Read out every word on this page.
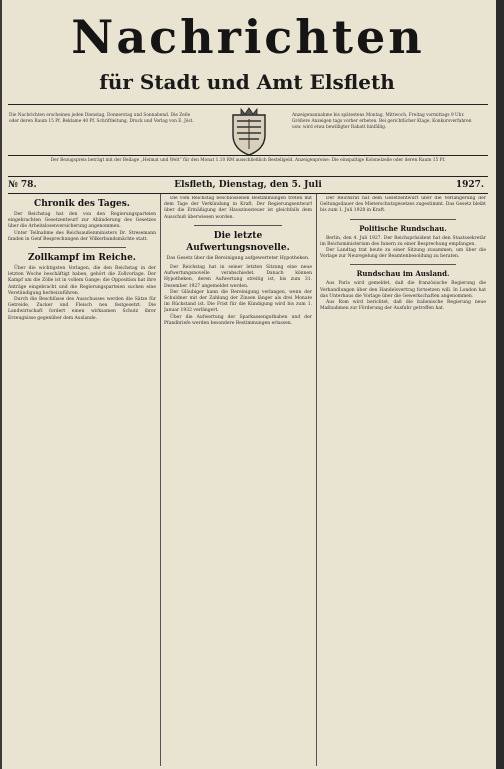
Nachrichten
für Stadt und Amt Elsfleth
Die Nachrichten erscheinen jeden Dienstag, Donnerstag und Sonnabend. Die Zeile oder deren Raum 15 Pf. Reklame 40 Pf. Schriftleitung, Druck und Verlag von E. Jöst.
Anzeigenannahme bis spätestens Montag, Mittwoch, Freitag vormittags 9 Uhr. Größere Anzeigen tags vorher erbeten. Bei gerichtlicher Klage, Konkursverfahren usw. wird etwa bewilligter Rabatt hinfällig.
Der Bezugspreis beträgt mit der Beilage „Heimat und Welt“ für den Monat 1.10 RM ausschließlich Bestellgeld. Anzeigenpreise: Die einspaltige Kolonelzeile oder deren Raum 15 Pf.
№ 78.	Elsfleth, Dienstag, den 5. Juli	1927.
Chronik des Tages.

Der Reichstag hat den von den Regierungsparteien eingebrachten Gesetzentwurf zur Abänderung des Gesetzes über die Arbeitslosenversicherung angenommen.

Unter Teilnahme des Reichsaußenministers Dr. Stresemann fanden in Genf Besprechungen der Völkerbundsmächte statt.

Zollkampf im Reiche.

Über die wichtigsten Vorlagen, die den Reichstag in der letzten Woche beschäftigt haben, gehört die Zollvorlage. Der Kampf um die Zölle ist in vollem Gange; die Opposition hat ihre Anträge eingebracht und die Regierungsparteien suchen eine Verständigung herbeizuführen.

Durch die Beschlüsse des Ausschusses werden die Sätze für Getreide, Zucker und Fleisch neu festgesetzt. Die Landwirtschaft fordert einen wirksamen Schutz ihrer Erzeugnisse gegenüber dem Auslande.

Die vom Reichstag beschlossenen Bestimmungen treten mit dem Tage der Verkündung in Kraft. Der Regierungsentwurf über die Ermäßigung der Hauszinssteuer ist gleichfalls dem Ausschuß überwiesen worden.

Die letzte Aufwertungsnovelle.
Das Gesetz über die Bereinigung aufgewerteter Hypotheken.

Der Reichstag hat in seiner letzten Sitzung eine neue Aufwertungsnovelle verabschiedet. Danach können Hypotheken, deren Aufwertung streitig ist, bis zum 31. Dezember 1927 angemeldet werden.

Der Gläubiger kann die Bereinigung verlangen, wenn der Schuldner mit der Zahlung der Zinsen länger als drei Monate im Rückstand ist. Die Frist für die Kündigung wird bis zum 1. Januar 1932 verlängert.

Über die Aufwertung der Sparkassenguthaben und der Pfandbriefe werden besondere Bestimmungen erlassen.

Der Reichsrat hat dem Gesetzentwurf über die Verlängerung der Geltungsdauer des Mieterschutzgesetzes zugestimmt. Das Gesetz bleibt bis zum 1. Juli 1928 in Kraft.

Politische Rundschau.

Berlin, den 4. Juli 1927. Der Reichspräsident hat den Staatssekretär im Reichsministerium des Innern zu einer Besprechung empfangen.

Der Landtag trat heute zu einer Sitzung zusammen, um über die Vorlage zur Neuregelung der Beamtenbesoldung zu beraten.

Rundschau im Ausland.

Aus Paris wird gemeldet, daß die französische Regierung die Verhandlungen über den Handelsvertrag fortsetzen will. In London hat das Unterhaus die Vorlage über die Gewerkschaften angenommen.

Aus Rom wird berichtet, daß die italienische Regierung neue Maßnahmen zur Förderung der Ausfuhr getroffen hat.
